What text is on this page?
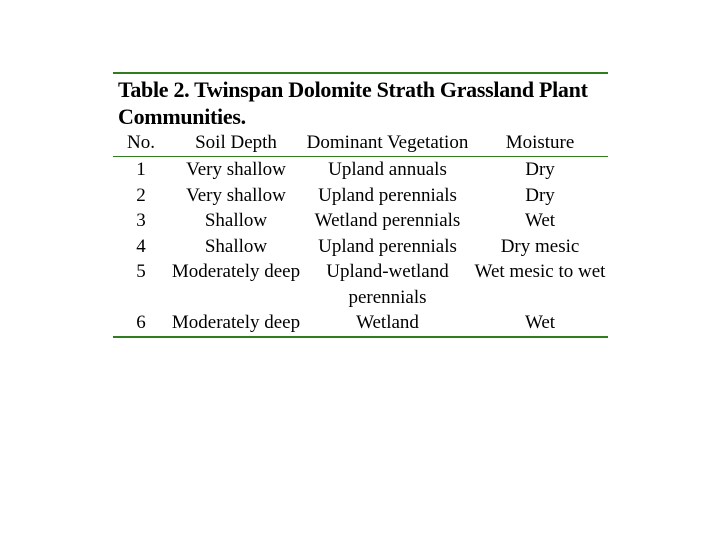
Table 2. Twinspan Dolomite Strath Grassland Plant Communities.
No.	Soil Depth	Dominant Vegetation	Moisture
1	Very shallow	Upland annuals	Dry
2	Very shallow	Upland perennials	Dry
3	Shallow	Wetland perennials	Wet
4	Shallow	Upland perennials	Dry mesic
5	Moderately deep	Upland-wetland perennials	Wet mesic to wet
6	Moderately deep	Wetland	Wet
